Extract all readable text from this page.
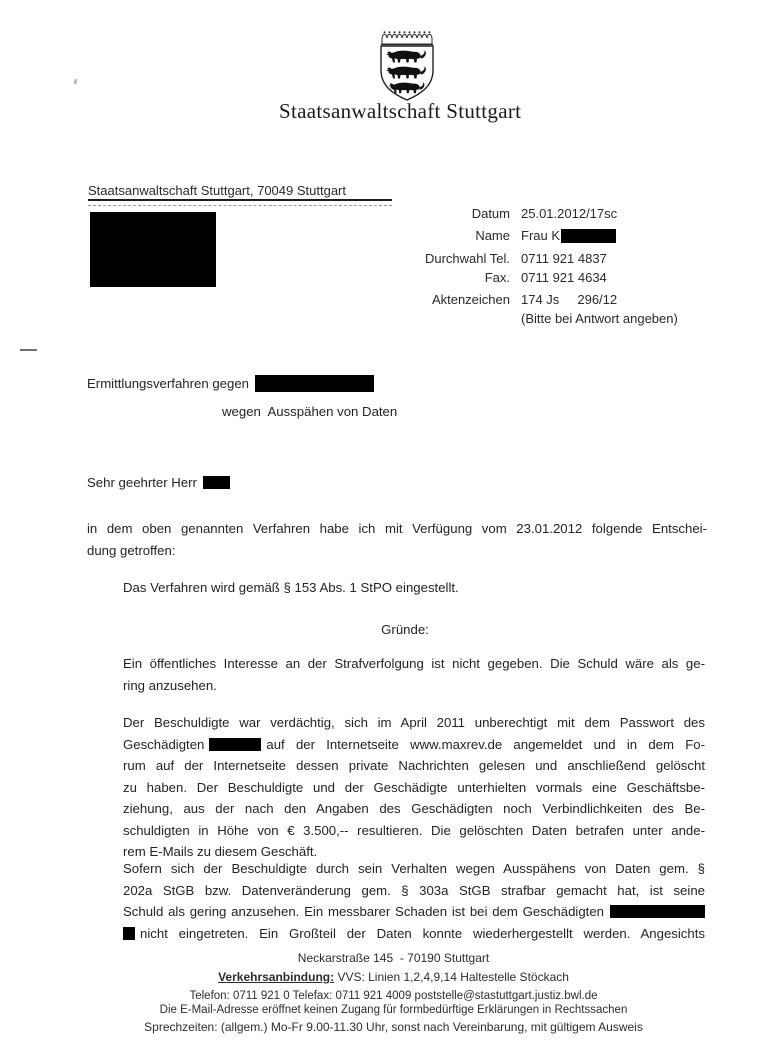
Staatsanwaltschaft Stuttgart
Staatsanwaltschaft Stuttgart, 70049 Stuttgart
Datum 25.01.2012/17sc
Name Frau K
Durchwahl Tel. 0711 921 4837
Fax. 0711 921 4634
Aktenzeichen 174 Js     296/12
(Bitte bei Antwort angeben)
Ermittlungsverfahren gegen
wegen  Ausspähen von Daten
Sehr geehrter Herr
in dem oben genannten Verfahren habe ich mit Verfügung vom 23.01.2012 folgende Entschei-
dung getroffen:
Das Verfahren wird gemäß § 153 Abs. 1 StPO eingestellt.
Gründe:
Ein öffentliches Interesse an der Strafverfolgung ist nicht gegeben. Die Schuld wäre als ge-
ring anzusehen.
Der Beschuldigte war verdächtig, sich im April 2011 unberechtigt mit dem Passwort des
Geschädigten	auf der Internetseite www.maxrev.de angemeldet und in dem Fo-
rum auf der Internetseite dessen private Nachrichten gelesen und anschließend gelöscht
zu haben. Der Beschuldigte und der Geschädigte unterhielten vormals eine Geschäftsbe-
ziehung, aus der nach den Angaben des Geschädigten noch Verbindlichkeiten des Be-
schuldigten in Höhe von € 3.500,-- resultieren. Die gelöschten Daten betrafen unter ande-
rem E-Mails zu diesem Geschäft.
Sofern sich der Beschuldigte durch sein Verhalten wegen Ausspähens von Daten gem. §
202a StGB bzw. Datenveränderung gem. § 303a StGB strafbar gemacht hat, ist seine
Schuld als gering anzusehen. Ein messbarer Schaden ist bei dem Geschädigten
nicht eingetreten. Ein Großteil der Daten konnte wiederhergestellt werden. Angesichts
Neckarstraße 145  - 70190 Stuttgart
Verkehrsanbindung: VVS: Linien 1,2,4,9,14 Haltestelle Stöckach
Telefon: 0711 921 0 Telefax: 0711 921 4009 poststelle@stastuttgart.justiz.bwl.de
Die E-Mail-Adresse eröffnet keinen Zugang für formbedürftige Erklärungen in Rechtssachen
Sprechzeiten: (allgem.) Mo-Fr 9.00-11.30 Uhr, sonst nach Vereinbarung, mit gültigem Ausweis
